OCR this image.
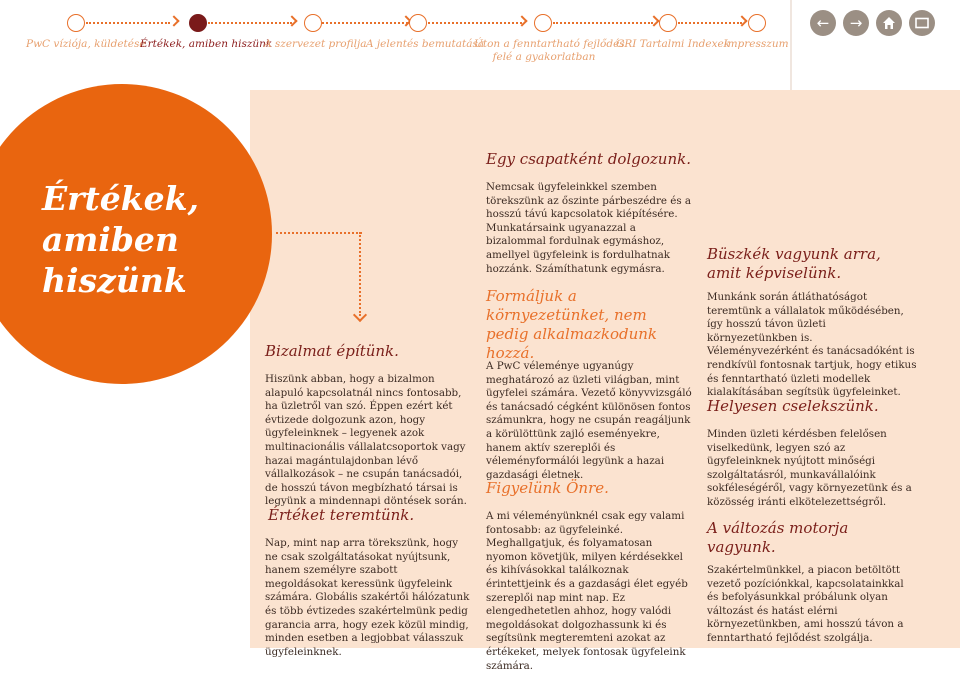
PwC víziója, küldetése
Értékek, amiben hiszünk
A szervezet profilja A jelentés bemutatása
Úton a fenntartható fejlődés
felé a gyakorlatban
GRI Tartalmi Indexek
Impresszum
← →
Értékek,
amiben
hiszünk
Bizalmat építünk.
Hiszünk abban, hogy a bizalmon alapuló kapcsolatnál nincs fontosabb, ha üzletről van szó. Éppen ezért két évtizede dolgozunk azon, hogy ügyfeleinknek – legyenek azok multinacionális vállalatcsoportok vagy hazai magántulajdonban lévő vállalkozások – ne csupán tanácsadói, de hosszú távon megbízható társai is legyünk a mindennapi döntések során.
Értéket teremtünk.
Nap, mint nap arra törekszünk, hogy ne csak szolgáltatásokat nyújtsunk, hanem személyre szabott megoldásokat keressünk ügyfeleink számára. Globális szakértői hálózatunk és több évtizedes szakértelmünk pedig garancia arra, hogy ezek közül mindig, minden esetben a legjobbat válasszuk ügyfeleinknek.
Egy csapatként dolgozunk.
Nemcsak ügyfeleinkkel szemben törekszünk az őszinte párbeszédre és a hosszú távú kapcsolatok kiépítésére. Munkatársaink ugyanazzal a bizalommal fordulnak egymáshoz, amellyel ügyfeleink is fordulhatnak hozzánk. Számíthatunk egymásra.
Formáljuk a környezetünket, nem pedig alkalmazkodunk hozzá.
A PwC véleménye ugyanúgy meghatározó az üzleti világban, mint ügyfelei számára. Vezető könyvvizsgáló és tanácsadó cégként különösen fontos számunkra, hogy ne csupán reagáljunk a körülöttünk zajló eseményekre, hanem aktív szereplői és véleményformálói legyünk a hazai gazdasági életnek.
Figyelünk Önre.
A mi véleményünknél csak egy valami fontosabb: az ügyfeleinké. Meghallgatjuk, és folyamatosan nyomon követjük, milyen kérdésekkel és kihívásokkal találkoznak érintettjeink és a gazdasági élet egyéb szereplői nap mint nap. Ez elengedhetetlen ahhoz, hogy valódi megoldásokat dolgozhassunk ki és segítsünk megteremteni azokat az értékeket, melyek fontosak ügyfeleink számára.
Büszkék vagyunk arra, amit képviselünk.
Munkánk során átláthatóságot teremtünk a vállalatok működésében, így hosszú távon üzleti környezetünkben is. Véleményvezérként és tanácsadóként is rendkívül fontosnak tartjuk, hogy etikus és fenntartható üzleti modellek kialakításában segítsük ügyfeleinket.
Helyesen cselekszünk.
Minden üzleti kérdésben felelősen viselkedünk, legyen szó az ügyfeleinknek nyújtott minőségi szolgáltatásról, munkavállalóink sokféleségéről, vagy környezetünk és a közösség iránti elkötelezettségről.
A változás motorja vagyunk.
Szakértelmünkkel, a piacon betöltött vezető pozíciónkkal, kapcsolatainkkal és befolyásunkkal próbálunk olyan változást és hatást elérni környezetünkben, ami hosszú távon a fenntartható fejlődést szolgálja.
